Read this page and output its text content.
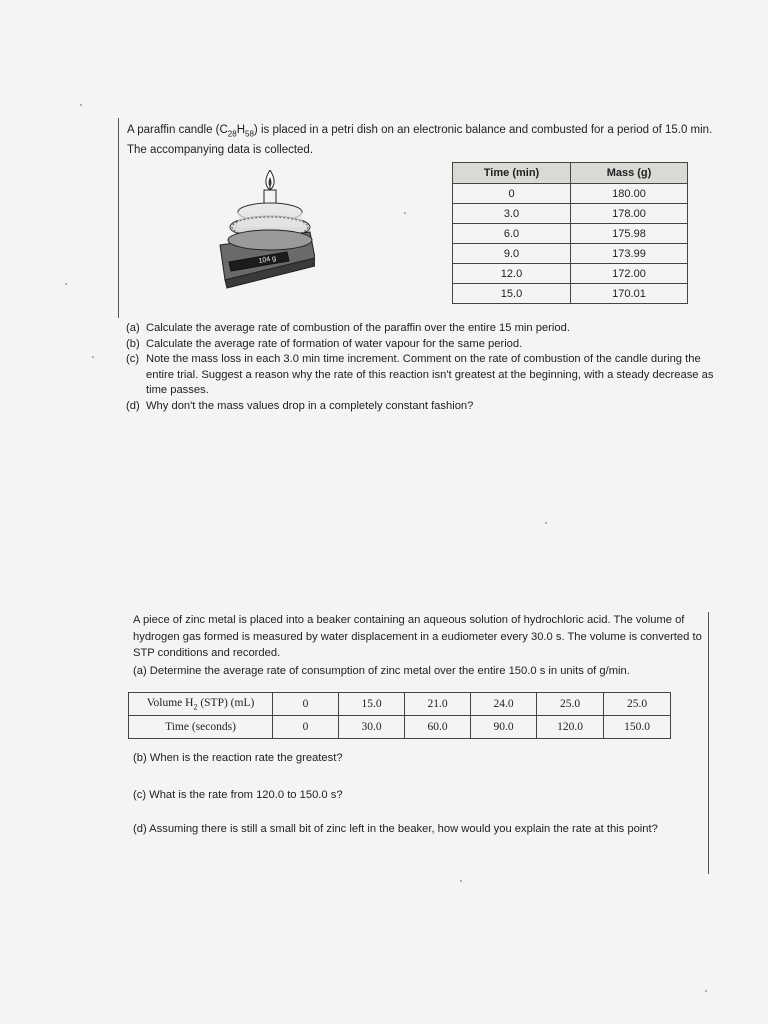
A paraffin candle $(C_{28}H_{58})$ is placed in a petri dish on an electronic balance and combusted for a period of 15.0 min.
The accompanying data is collected.
104 g
Time (min)	Mass (g)
0	180.00
3.0	178.00
6.0	175.98
9.0	173.99
12.0	172.00
15.0	170.01
(a) Calculate the average rate of combustion of the paraffin over the entire 15 min period.
(b) Calculate the average rate of formation of water vapour for the same period.
(c) Note the mass loss in each 3.0 min time increment. Comment on the rate of combustion of the candle during the entire trial. Suggest a reason why the rate of this reaction isn't greatest at the beginning, with a steady decrease as time passes.
(d) Why don't the mass values drop in a completely constant fashion?
A piece of zinc metal is placed into a beaker containing an aqueous solution of hydrochloric acid. The volume of hydrogen gas formed is measured by water displacement in a eudiometer every 30.0 s. The volume is converted to STP conditions and recorded.
(a) Determine the average rate of consumption of zinc metal over the entire 150.0 s in units of g/min.
Volume $H_2$ (STP) (mL)	0	15.0	21.0	24.0	25.0	25.0
Time (seconds)	0	30.0	60.0	90.0	120.0	150.0
(b) When is the reaction rate the greatest?
(c) What is the rate from 120.0 to 150.0 s?
(d) Assuming there is still a small bit of zinc left in the beaker, how would you explain the rate at this point?
